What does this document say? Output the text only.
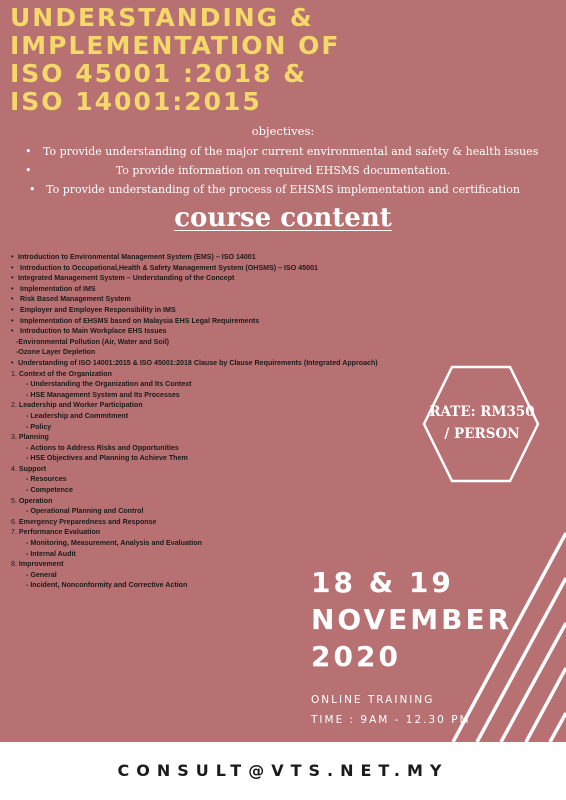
UNDERSTANDING &
IMPLEMENTATION OF
ISO 45001 :2018 &
ISO 14001:2015
objectives:
• To provide understanding of the major current environmental and safety & health issues
•	To provide information on required EHSMS documentation.
• To provide understanding of the process of EHSMS implementation and certification
course content
• Introduction to Environmental Management System (EMS) – ISO 14001
• Introduction to Occupational,Health & Safety Management System (OHSMS) – ISO 45001
• Integrated Management System – Understanding of the Concept
• Implementation of IMS
• Risk Based Management System
• Employer and Employee Responsibility in IMS
• Implementation of EHSMS based on Malaysia EHS Legal Requirements
• Introduction to Main Workplace EHS Issues
-Environmental Pollution (Air, Water and Soil)
-Ozone Layer Depletion
• Understanding of ISO 14001:2015 & ISO 45001:2018 Clause by Clause Requirements (Integrated Approach)
1. Context of the Organization
- Understanding the Organization and Its Context
- HSE Management System and Its Processes
2. Leadership and Worker Participation
- Leadership and Commitment
- Policy
3. Planning
- Actions to Address Risks and Opportunities
- HSE Objectives and Planning to Achieve Them
4. Support
- Resources
- Competence
5. Operation
- Operational Planning and Control
6. Emergency Preparedness and Response
7. Performance Evaluation
- Monitoring, Measurement, Analysis and Evaluation
- Internal Audit
8. Improvement
- General
- Incident, Nonconformity and Corrective Action
RATE: RM350
/ PERSON
18 & 19
NOVEMBER
2020
ONLINE TRAINING
TIME : 9AM - 12.30 PM
CONSULT@VTS.NET.MY
